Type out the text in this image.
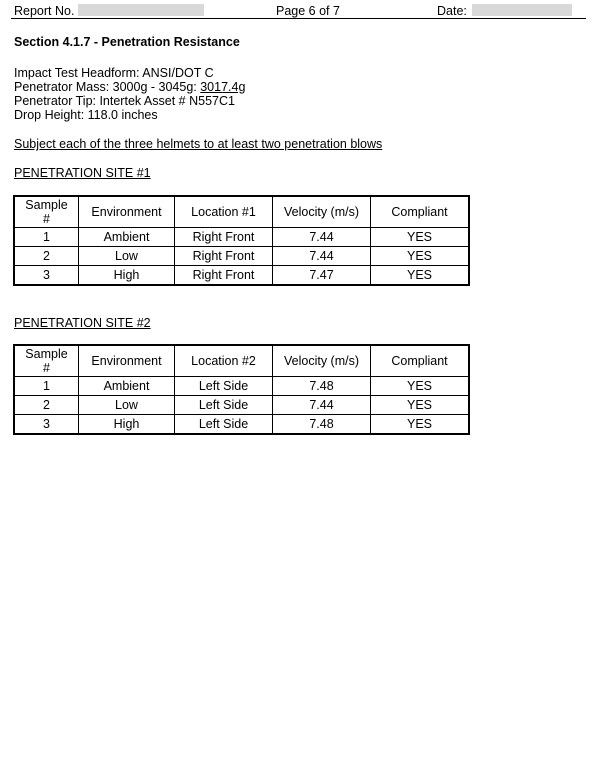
Report No.	Page 6 of 7	Date:
Section 4.1.7 - Penetration Resistance
Impact Test Headform: ANSI/DOT C
Penetrator Mass: 3000g - 3045g: 3017.4g
Penetrator Tip: Intertek Asset # N557C1
Drop Height: 118.0 inches
Subject each of the three helmets to at least two penetration blows
PENETRATION SITE #1
Sample
#	Environment	Location #1	Velocity (m/s)	Compliant
1	Ambient	Right Front	7.44	YES
2	Low	Right Front	7.44	YES
3	High	Right Front	7.47	YES
PENETRATION SITE #2
Sample
#	Environment	Location #2	Velocity (m/s)	Compliant
1	Ambient	Left Side	7.48	YES
2	Low	Left Side	7.44	YES
3	High	Left Side	7.48	YES
